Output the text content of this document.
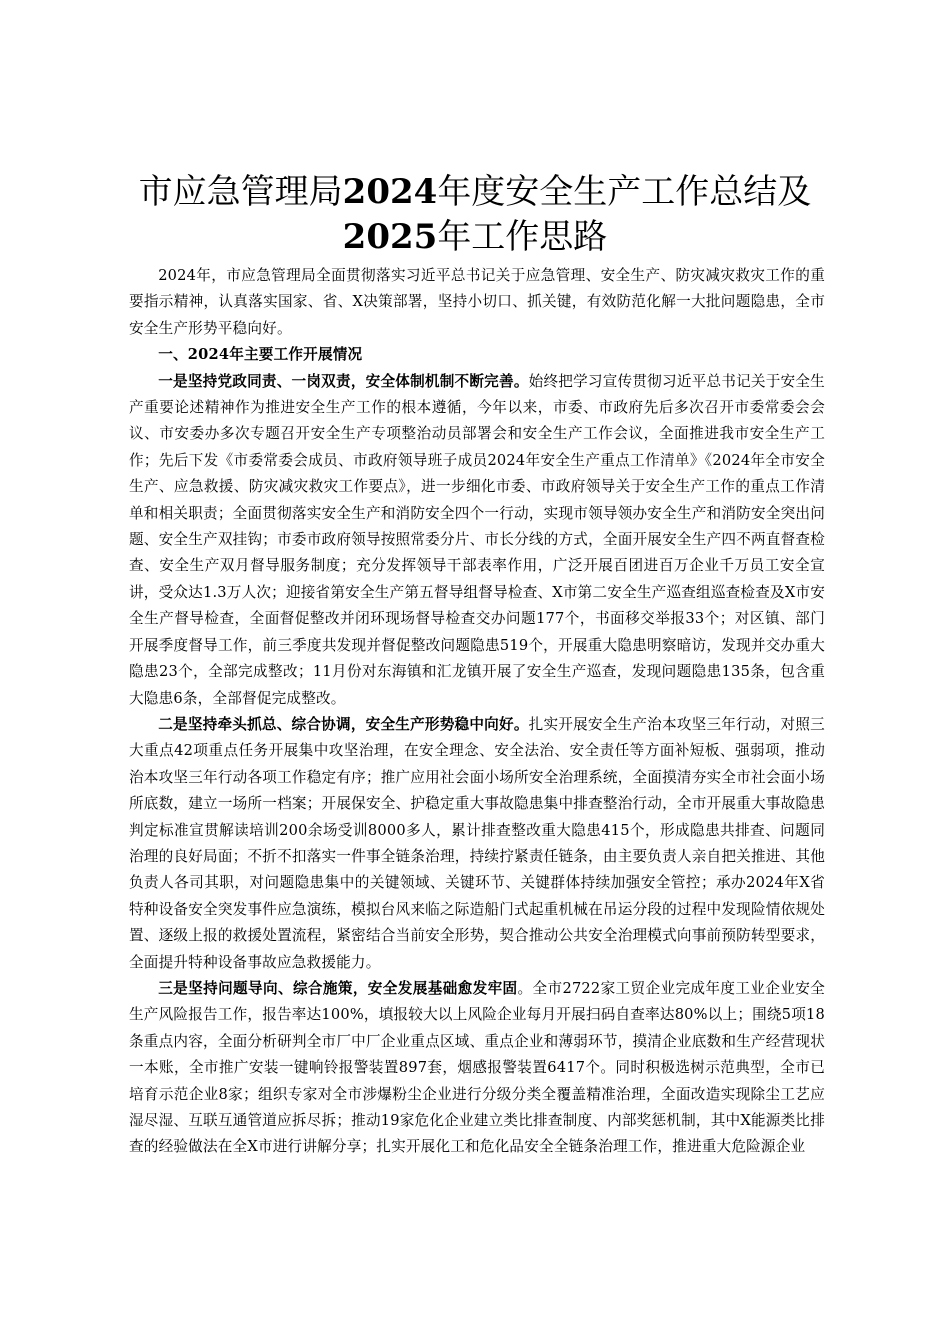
市应急管理局2024年度安全生产工作总结及
2025年工作思路

2024年，市应急管理局全面贯彻落实习近平总书记关于应急管理、安全生产、防灾减灾救灾工作的重要指示精神，认真落实国家、省、X决策部署，坚持小切口、抓关键，有效防范化解一大批问题隐患，全市安全生产形势平稳向好。

一、2024年主要工作开展情况

一是坚持党政同责、一岗双责，安全体制机制不断完善。始终把学习宣传贯彻习近平总书记关于安全生产重要论述精神作为推进安全生产工作的根本遵循，今年以来，市委、市政府先后多次召开市委常委会会议、市安委办多次专题召开安全生产专项整治动员部署会和安全生产工作会议，全面推进我市安全生产工作；先后下发《市委常委会成员、市政府领导班子成员2024年安全生产重点工作清单》《2024年全市安全生产、应急救援、防灾减灾救灾工作要点》，进一步细化市委、市政府领导关于安全生产工作的重点工作清单和相关职责；全面贯彻落实安全生产和消防安全四个一行动，实现市领导领办安全生产和消防安全突出问题、安全生产双挂钩；市委市政府领导按照常委分片、市长分线的方式，全面开展安全生产四不两直督查检查、安全生产双月督导服务制度；充分发挥领导干部表率作用，广泛开展百团进百万企业千万员工安全宣讲，受众达1.3万人次；迎接省第安全生产第五督导组督导检查、X市第二安全生产巡查组巡查检查及X市安全生产督导检查，全面督促整改并闭环现场督导检查交办问题177个，书面移交举报33个；对区镇、部门开展季度督导工作，前三季度共发现并督促整改问题隐患519个，开展重大隐患明察暗访，发现并交办重大隐患23个，全部完成整改；11月份对东海镇和汇龙镇开展了安全生产巡查，发现问题隐患135条，包含重大隐患6条，全部督促完成整改。

二是坚持牵头抓总、综合协调，安全生产形势稳中向好。扎实开展安全生产治本攻坚三年行动，对照三大重点42项重点任务开展集中攻坚治理，在安全理念、安全法治、安全责任等方面补短板、强弱项，推动治本攻坚三年行动各项工作稳定有序；推广应用社会面小场所安全治理系统，全面摸清夯实全市社会面小场所底数，建立一场所一档案；开展保安全、护稳定重大事故隐患集中排查整治行动，全市开展重大事故隐患判定标准宣贯解读培训200余场受训8000多人，累计排查整改重大隐患415个，形成隐患共排查、问题同治理的良好局面；不折不扣落实一件事全链条治理，持续拧紧责任链条，由主要负责人亲自把关推进、其他负责人各司其职，对问题隐患集中的关键领域、关键环节、关键群体持续加强安全管控；承办2024年X省特种设备安全突发事件应急演练，模拟台风来临之际造船门式起重机械在吊运分段的过程中发现险情依规处置、逐级上报的救援处置流程，紧密结合当前安全形势，契合推动公共安全治理模式向事前预防转型要求，全面提升特种设备事故应急救援能力。

三是坚持问题导向、综合施策，安全发展基础愈发牢固。全市2722家工贸企业完成年度工业企业安全生产风险报告工作，报告率达100%，填报较大以上风险企业每月开展扫码自查率达80%以上；围绕5项18条重点内容，全面分析研判全市厂中厂企业重点区域、重点企业和薄弱环节，摸清企业底数和生产经营现状一本账，全市推广安装一键响铃报警装置897套，烟感报警装置6417个。同时积极选树示范典型，全市已培育示范企业8家；组织专家对全市涉爆粉尘企业进行分级分类全覆盖精准治理，全面改造实现除尘工艺应湿尽湿、互联互通管道应拆尽拆；推动19家危化企业建立类比排查制度、内部奖惩机制，其中X能源类比排查的经验做法在全X市进行讲解分享；扎实开展化工和危化品安全全链条治理工作，推进重大危险源企业
